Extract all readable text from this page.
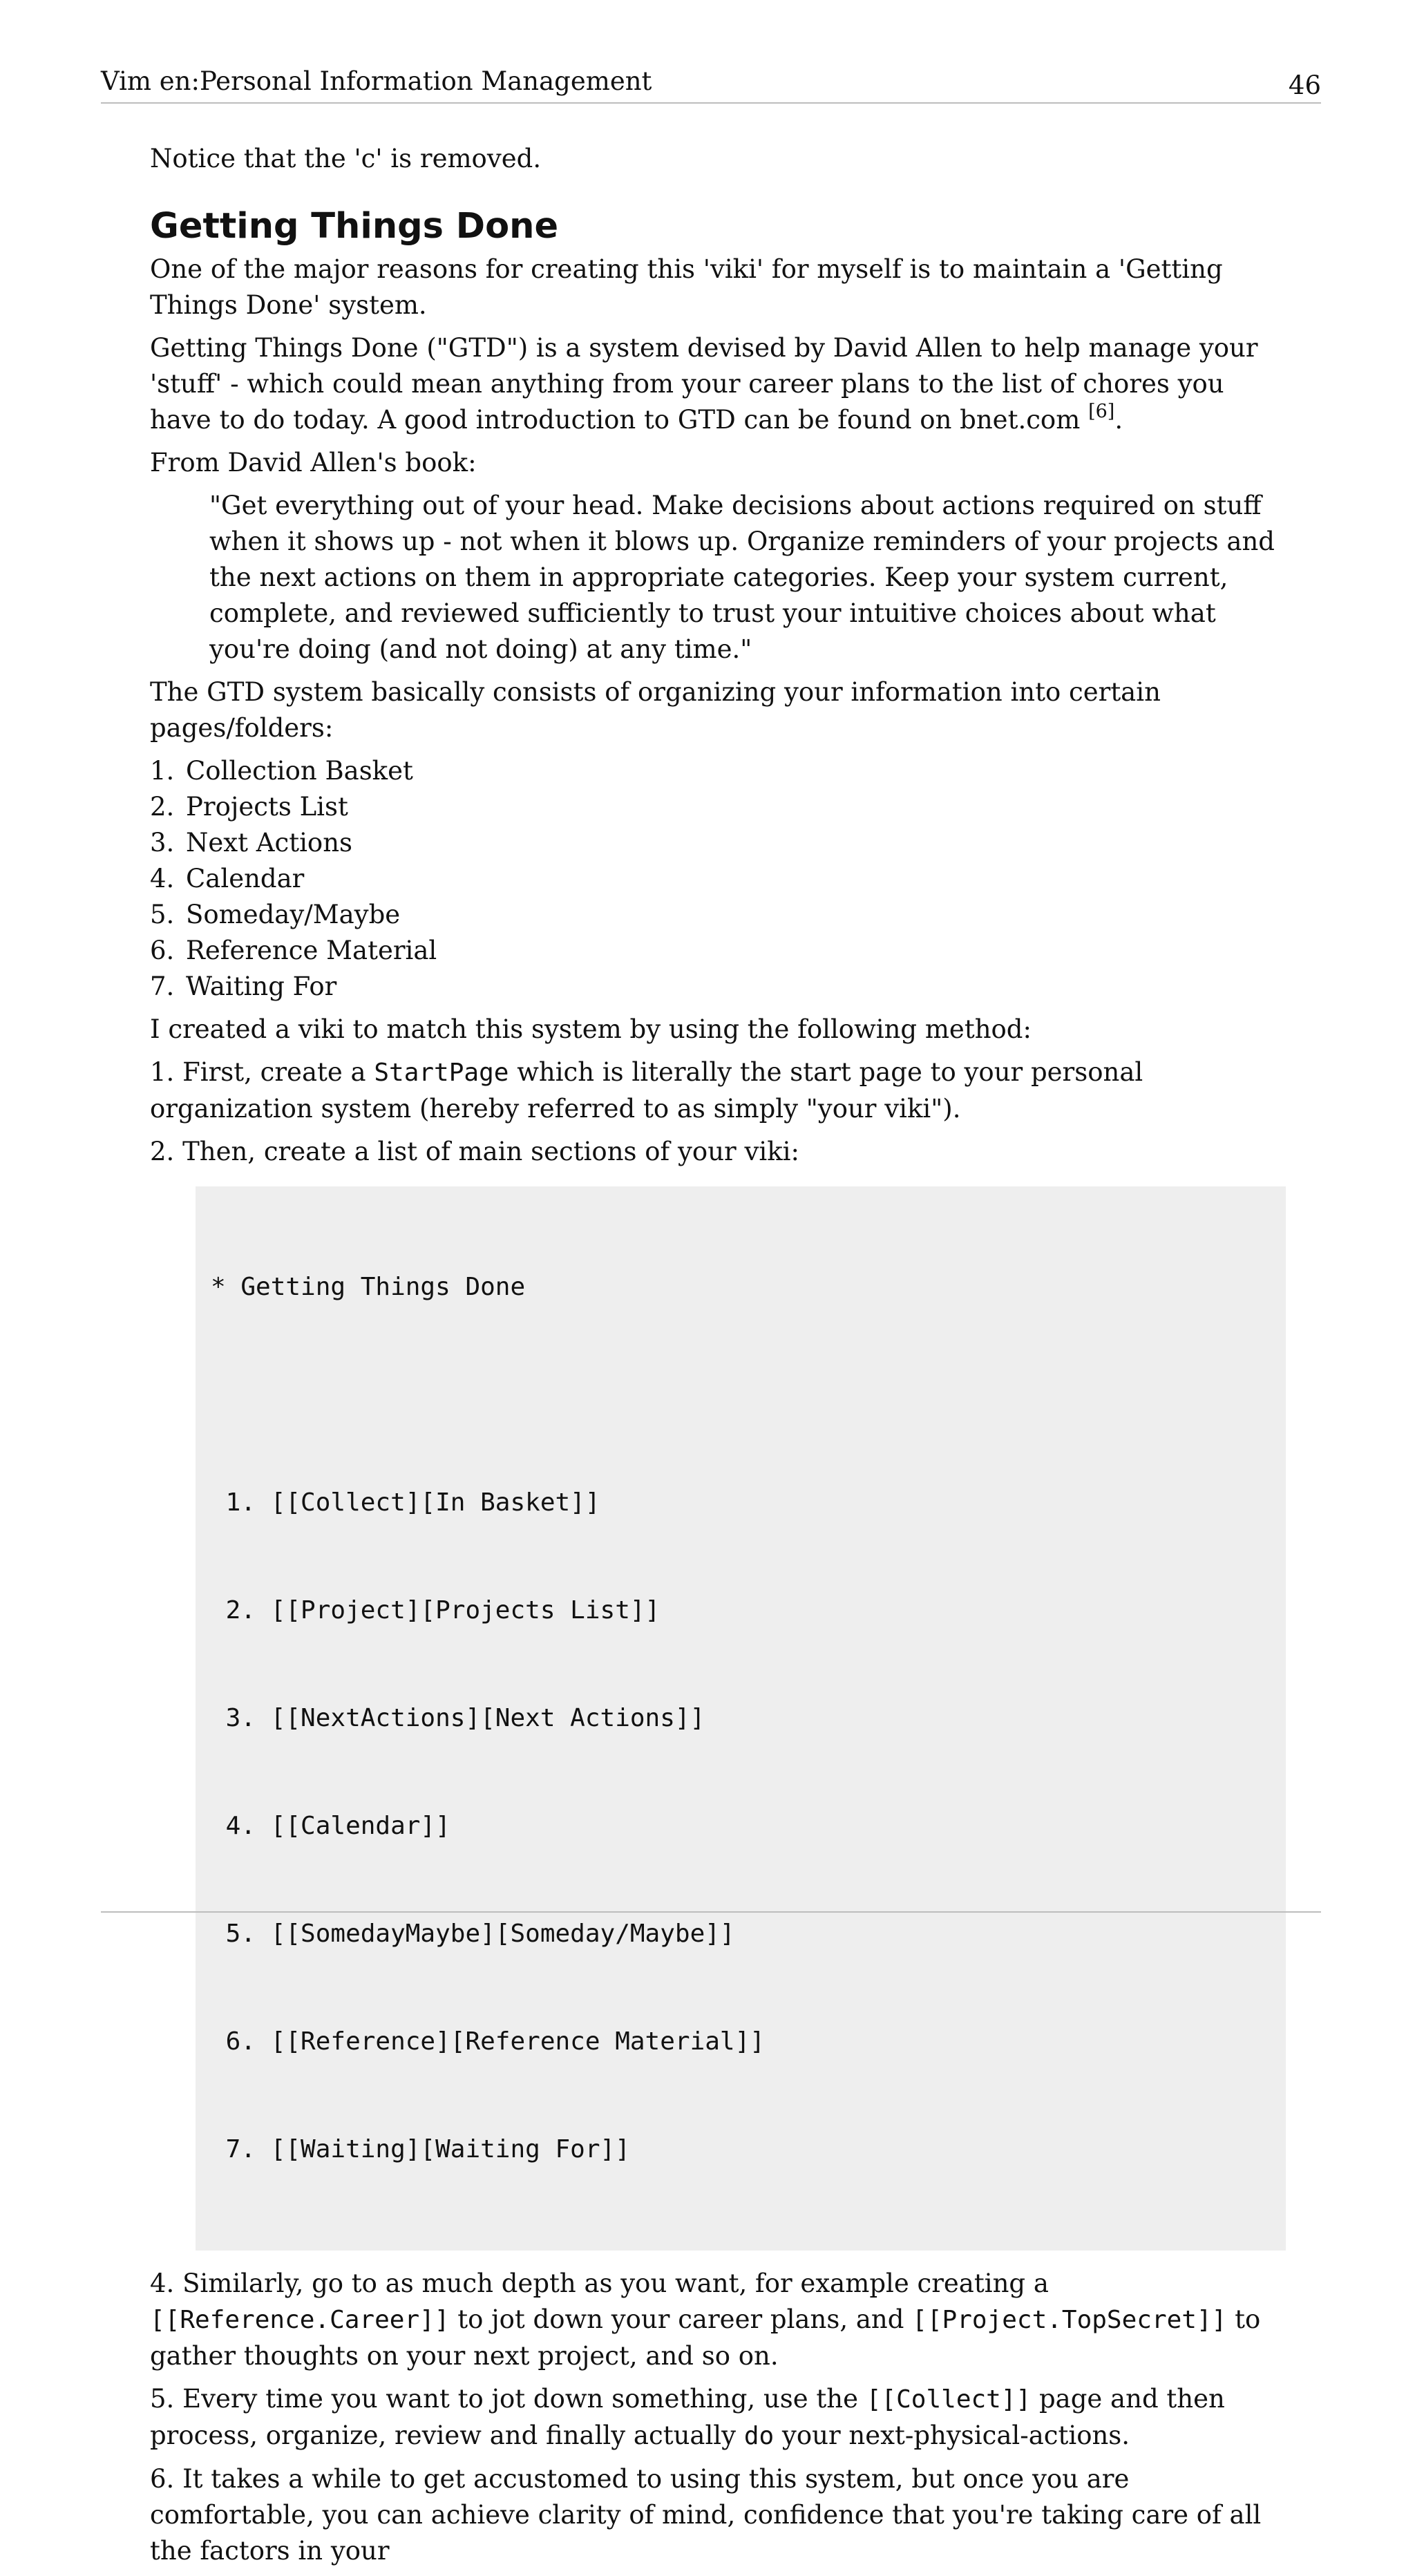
Vim en:Personal Information Management	46

Notice that the 'c' is removed.

Getting Things Done

One of the major reasons for creating this 'viki' for myself is to maintain a 'Getting Things Done' system.

Getting Things Done ("GTD") is a system devised by David Allen to help manage your 'stuff' - which could mean anything from your career plans to the list of chores you have to do today. A good introduction to GTD can be found on bnet.com [6].

From David Allen's book:

"Get everything out of your head. Make decisions about actions required on stuff when it shows up - not when it blows up. Organize reminders of your projects and the next actions on them in appropriate categories. Keep your system current, complete, and reviewed sufficiently to trust your intuitive choices about what you're doing (and not doing) at any time."

The GTD system basically consists of organizing your information into certain pages/folders:

1. Collection Basket
2. Projects List
3. Next Actions
4. Calendar
5. Someday/Maybe
6. Reference Material
7. Waiting For

I created a viki to match this system by using the following method:

1. First, create a StartPage which is literally the start page to your personal organization system (hereby referred to as simply "your viki").

2. Then, create a list of main sections of your viki:

* Getting Things Done

1. [[Collect][In Basket]]

2. [[Project][Projects List]]

3. [[NextActions][Next Actions]]

4. [[Calendar]]

5. [[SomedayMaybe][Someday/Maybe]]

6. [[Reference][Reference Material]]

7. [[Waiting][Waiting For]]

4. Similarly, go to as much depth as you want, for example creating a [[Reference.Career]] to jot down your career plans, and [[Project.TopSecret]] to gather thoughts on your next project, and so on.

5. Every time you want to jot down something, use the [[Collect]] page and then process, organize, review and finally actually do your next-physical-actions.

6. It takes a while to get accustomed to using this system, but once you are comfortable, you can achieve clarity of mind, confidence that you're taking care of all the factors in your
